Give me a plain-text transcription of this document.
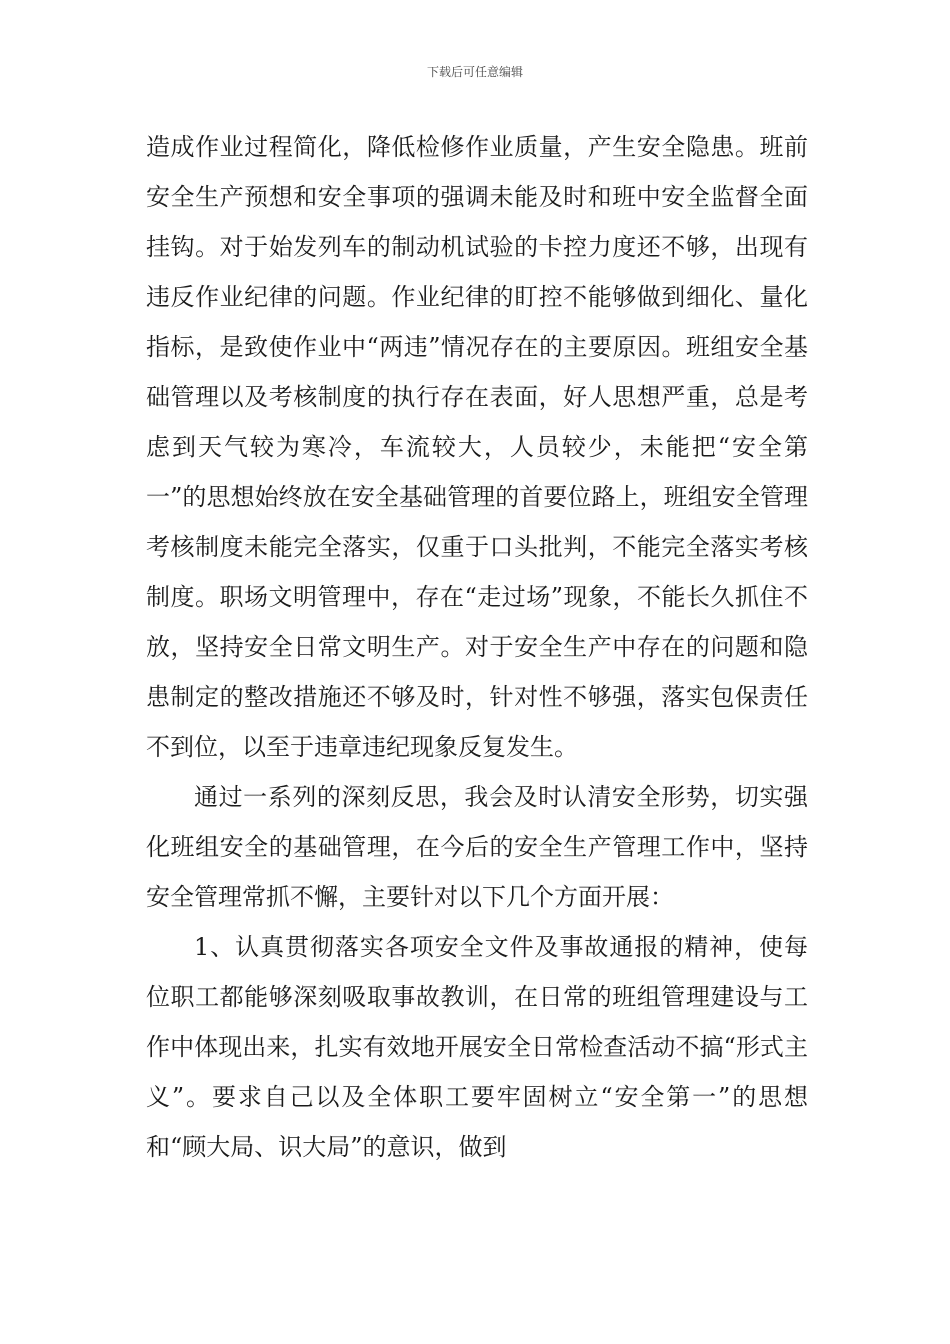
下载后可任意编辑

造成作业过程简化，降低检修作业质量，产生安全隐患。班前安全生产预想和安全事项的强调未能及时和班中安全监督全面挂钩。对于始发列车的制动机试验的卡控力度还不够，出现有违反作业纪律的问题。作业纪律的盯控不能够做到细化、量化指标，是致使作业中“两违”情况存在的主要原因。班组安全基础管理以及考核制度的执行存在表面，好人思想严重，总是考虑到天气较为寒冷，车流较大，人员较少，未能把“安全第一”的思想始终放在安全基础管理的首要位路上，班组安全管理考核制度未能完全落实，仅重于口头批判，不能完全落实考核制度。职场文明管理中，存在“走过场”现象，不能长久抓住不放，坚持安全日常文明生产。对于安全生产中存在的问题和隐患制定的整改措施还不够及时，针对性不够强，落实包保责任不到位，以至于违章违纪现象反复发生。

通过一系列的深刻反思，我会及时认清安全形势，切实强化班组安全的基础管理，在今后的安全生产管理工作中，坚持安全管理常抓不懈，主要针对以下几个方面开展：

1、认真贯彻落实各项安全文件及事故通报的精神，使每位职工都能够深刻吸取事故教训，在日常的班组管理建设与工作中体现出来，扎实有效地开展安全日常检查活动不搞“形式主义”。要求自己以及全体职工要牢固树立“安全第一”的思想和“顾大局、识大局”的意识，做到
